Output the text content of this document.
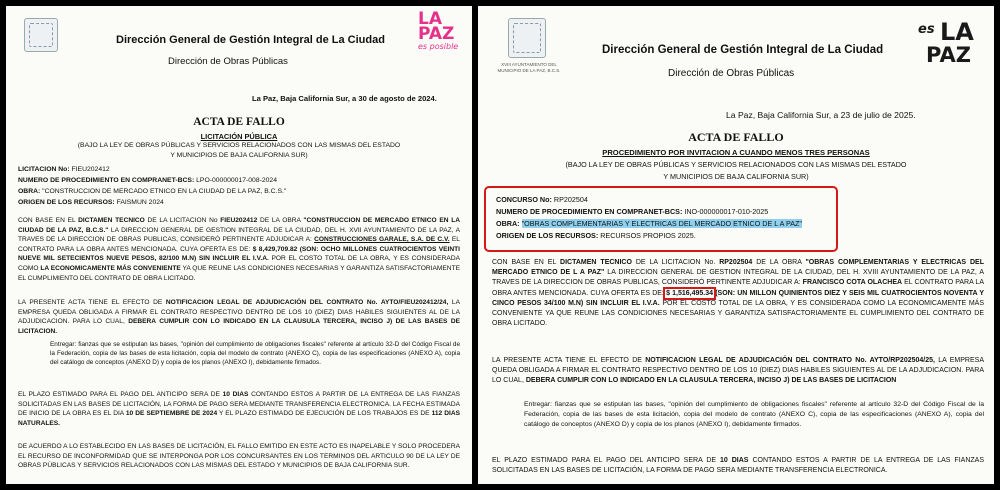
LA
PAZ
es posible
Dirección General de Gestión Integral de La Ciudad
Dirección de Obras Públicas
La Paz, Baja California Sur, a 30 de agosto de 2024.
ACTA DE FALLO
LICITACIÓN PÚBLICA
(BAJO LA LEY DE OBRAS PÚBLICAS Y SERVICIOS RELACIONADOS CON LAS MISMAS DEL ESTADO
Y MUNICIPIOS DE BAJA CALIFORNIA SUR)
LICITACION No: FIEU202412
NUMERO DE PROCEDIMIENTO EN COMPRANET-BCS: LPO-000000017-008-2024
OBRA: "CONSTRUCCION DE MERCADO ETNICO EN LA CIUDAD DE LA PAZ, B.C.S."
ORIGEN DE LOS RECURSOS: FAISMUN 2024
CON BASE EN EL DICTAMEN TECNICO DE LA LICITACION No FIEU202412 DE LA OBRA "CONSTRUCCION DE MERCADO ETNICO EN LA CIUDAD DE LA PAZ, B.C.S." LA DIRECCION GENERAL DE GESTION INTEGRAL DE LA CIUDAD, DEL H. XVII AYUNTAMIENTO DE LA PAZ, A TRAVES DE LA DIRECCION DE OBRAS PUBLICAS, CONSIDERÓ PERTINENTE ADJUDICAR A: CONSTRUCCIONES GARALE, S.A. DE C.V. EL CONTRATO PARA LA OBRA ANTES MENCIONADA. CUYA OFERTA ES DE: $ 8,429,709.82 (SON: OCHO MILLONES CUATROCIENTOS VEINTI NUEVE MIL SETECIENTOS NUEVE PESOS, 82/100 M.N) SIN INCLUIR EL I.V.A. POR EL COSTO TOTAL DE LA OBRA, Y ES CONSIDERADA COMO LA ECONOMICAMENTE MÁS CONVENIENTE YA QUE REUNE LAS CONDICIONES NECESARIAS Y GARANTIZA SATISFACTORIAMENTE EL CUMPLIMIENTO DEL CONTRATO DE OBRA LICITADO.
LA PRESENTE ACTA TIENE EL EFECTO DE NOTIFICACION LEGAL DE ADJUDICACIÓN DEL CONTRATO No. AYTO/FIEU202412/24, LA EMPRESA QUEDA OBLIGADA A FIRMAR EL CONTRATO RESPECTIVO DENTRO DE LOS 10 (DIEZ) DIAS HABILES SIGUIENTES AL DE LA ADJUDICACION. PARA LO CUAL, DEBERA CUMPLIR CON LO INDICADO EN LA CLAUSULA TERCERA, INCISO J) DE LAS BASES DE LICITACION.
Entregar: fianzas que se estipulan las bases, "opinión del cumplimiento de obligaciones fiscales" referente al artículo 32-D del Código Fiscal de la Federación, copia de las bases de esta licitación, copia del modelo de contrato (ANEXO C), copia de las especificaciones (ANEXO A), copia del catálogo de conceptos (ANEXO D) y copia de los planos (ANEXO I), debidamente firmados.
EL PLAZO ESTIMADO PARA EL PAGO DEL ANTICIPO SERA DE 10 DIAS CONTANDO ESTOS A PARTIR DE LA ENTREGA DE LAS FIANZAS SOLICITADAS EN LAS BASES DE LICITACIÓN, LA FORMA DE PAGO SERA MEDIANTE TRANSFERENCIA ELECTRONICA. LA FECHA ESTIMADA DE INICIO DE LA OBRA ES EL DIA 10 DE SEPTIEMBRE DE 2024 Y EL PLAZO ESTIMADO DE EJECUCIÓN DE LOS TRABAJOS ES DE 112 DIAS NATURALES.
DE ACUERDO A LO ESTABLECIDO EN LAS BASES DE LICITACIÓN, EL FALLO EMITIDO EN ESTE ACTO ES INAPELABLE Y SOLO PROCEDERA EL RECURSO DE INCONFORMIDAD QUE SE INTERPONGA POR LOS CONCURSANTES EN LOS TERMINOS DEL ARTICULO 90 DE LA LEY DE OBRAS PÚBLICAS Y SERVICIOS RELACIONADOS CON LAS MISMAS DEL ESTADO Y MUNICIPIOS DE BAJA CALIFORNIA SUR.
XVIII AYUNTAMIENTO DEL MUNICIPIO DE LA PAZ, B.C.S.
es LA
PAZ
Dirección General de Gestión Integral de La Ciudad
Dirección de Obras Públicas
La Paz, Baja California Sur, a 23 de julio de 2025.
ACTA DE FALLO
PROCEDIMIENTO POR INVITACION A CUANDO MENOS TRES PERSONAS
(BAJO LA LEY DE OBRAS PÚBLICAS Y SERVICIOS RELACIONADOS CON LAS MISMAS DEL ESTADO
Y MUNICIPIOS DE BAJA CALIFORNIA SUR)
CONCURSO No: RP202504
NUMERO DE PROCEDIMIENTO EN COMPRANET-BCS: INO-000000017-010-2025
OBRA: "OBRAS COMPLEMENTARIAS Y ELECTRICAS DEL MERCADO ETNICO DE L A PAZ"
ORIGEN DE LOS RECURSOS: RECURSOS PROPIOS 2025.
CON BASE EN EL DICTAMEN TECNICO DE LA LICITACION No. RP202504 DE LA OBRA "OBRAS COMPLEMENTARIAS Y ELECTRICAS DEL MERCADO ETNICO DE L A PAZ" LA DIRECCION GENERAL DE GESTION INTEGRAL DE LA CIUDAD, DEL H. XVIII AYUNTAMIENTO DE LA PAZ, A TRAVES DE LA DIRECCION DE OBRAS PUBLICAS, CONSIDERÓ PERTINENTE ADJUDICAR A: FRANCISCO COTA OLACHEA EL CONTRATO PARA LA OBRA ANTES MENCIONADA. CUYA OFERTA ES DE: $ 1,516,495.34 (SON: UN MILLON QUINIENTOS DIEZ Y SEIS MIL CUATROCIENTOS NOVENTA Y CINCO PESOS 34/100 M.N) SIN INCLUIR EL I.V.A. POR EL COSTO TOTAL DE LA OBRA, Y ES CONSIDERADA COMO LA ECONOMICAMENTE MÁS CONVENIENTE YA QUE REUNE LAS CONDICIONES NECESARIAS Y GARANTIZA SATISFACTORIAMENTE EL CUMPLIMIENTO DEL CONTRATO DE OBRA LICITADO.
LA PRESENTE ACTA TIENE EL EFECTO DE NOTIFICACION LEGAL DE ADJUDICACIÓN DEL CONTRATO No. AYTO/RP202504/25, LA EMPRESA QUEDA OBLIGADA A FIRMAR EL CONTRATO RESPECTIVO DENTRO DE LOS 10 (DIEZ) DIAS HABILES SIGUIENTES AL DE LA ADJUDICACION. PARA LO CUAL, DEBERA CUMPLIR CON LO INDICADO EN LA CLAUSULA TERCERA, INCISO J) DE LAS BASES DE LICITACION
Entregar: fianzas que se estipulan las bases, "opinión del cumplimiento de obligaciones fiscales" referente al artículo 32-D del Código Fiscal de la Federación, copia de las bases de esta licitación, copia del modelo de contrato (ANEXO C), copia de las especificaciones (ANEXO A), copia del catálogo de conceptos (ANEXO D) y copia de los planos (ANEXO I), debidamente firmados.
EL PLAZO ESTIMADO PARA EL PAGO DEL ANTICIPO SERA DE 10 DIAS CONTANDO ESTOS A PARTIR DE LA ENTREGA DE LAS FIANZAS SOLICITADAS EN LAS BASES DE LICITACIÓN, LA FORMA DE PAGO SERA MEDIANTE TRANSFERENCIA ELECTRONICA.
